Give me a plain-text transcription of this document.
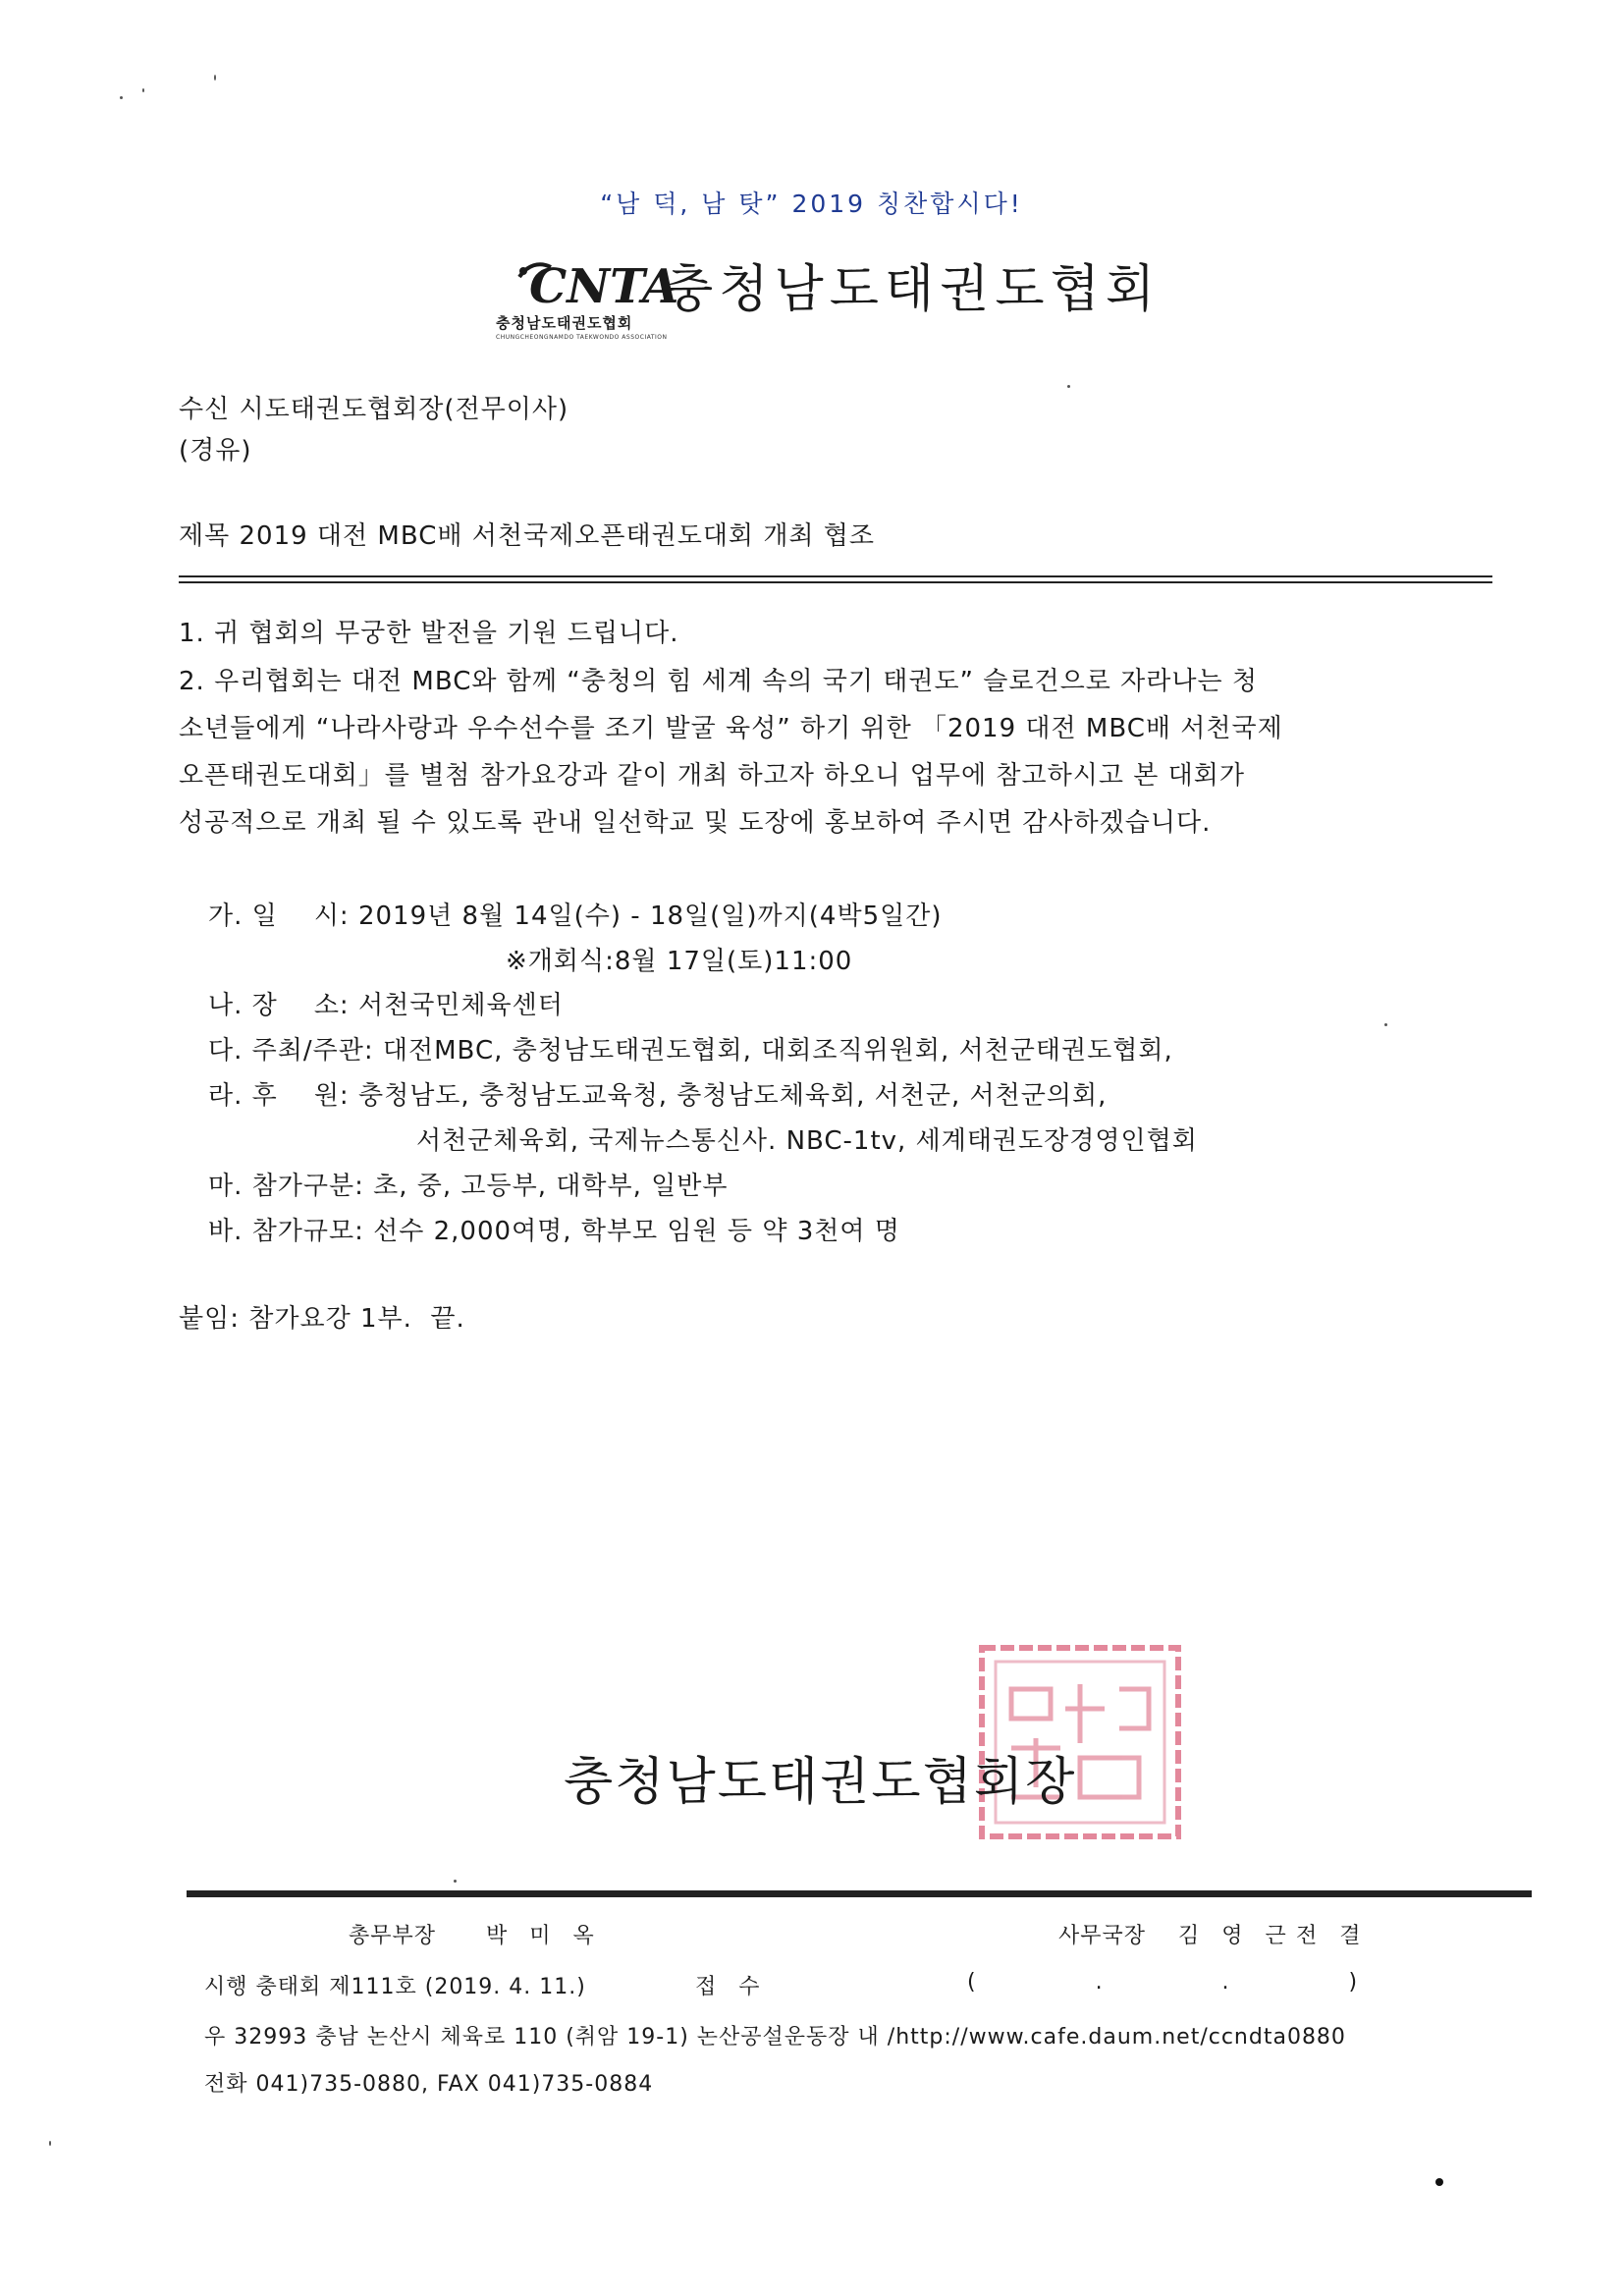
“남 덕, 남 탓” 2019 칭찬합시다!
CNTA
충청남도태권도협회
CHUNGCHEONGNAMDO TAEKWONDO ASSOCIATION
충청남도태권도협회
수신 시도태권도협회장(전무이사)
(경유)
제목 2019 대전 MBC배 서천국제오픈태권도대회 개최 협조
1. 귀 협회의 무궁한 발전을 기원 드립니다.
2. 우리협회는 대전 MBC와 함께 “충청의 힘 세계 속의 국기 태권도” 슬로건으로 자라나는 청
소년들에게 “나라사랑과 우수선수를 조기 발굴 육성” 하기 위한 「2019 대전 MBC배 서천국제
오픈태권도대회」를 별첨 참가요강과 같이 개최 하고자 하오니 업무에 참고하시고 본 대회가
성공적으로 개최 될 수 있도록 관내 일선학교 및 도장에 홍보하여 주시면 감사하겠습니다.
가. 일    시: 2019년 8월 14일(수) - 18일(일)까지(4박5일간)
※개회식:8월 17일(토)11:00
나. 장    소: 서천국민체육센터
다. 주최/주관: 대전MBC, 충청남도태권도협회, 대회조직위원회, 서천군태권도협회,
라. 후    원: 충청남도, 충청남도교육청, 충청남도체육회, 서천군, 서천군의회,
서천군체육회, 국제뉴스통신사. NBC-1tv, 세계태권도장경영인협회
마. 참가구분: 초, 중, 고등부, 대학부, 일반부
바. 참가규모: 선수 2,000여명, 학부모 임원 등 약 3천여 명
붙임: 참가요강 1부.  끝.
충청남도태권도협회장
총무부장 박 미 옥	사무국장 김 영 근 전 결
시행 충태회 제111호 (2019. 4. 11.)	접 수	(  .  .  )
우 32993 충남 논산시 체육로 110 (취암 19-1) 논산공설운동장 내 /http://www.cafe.daum.net/ccndta0880
전화 041)735-0880, FAX 041)735-0884
